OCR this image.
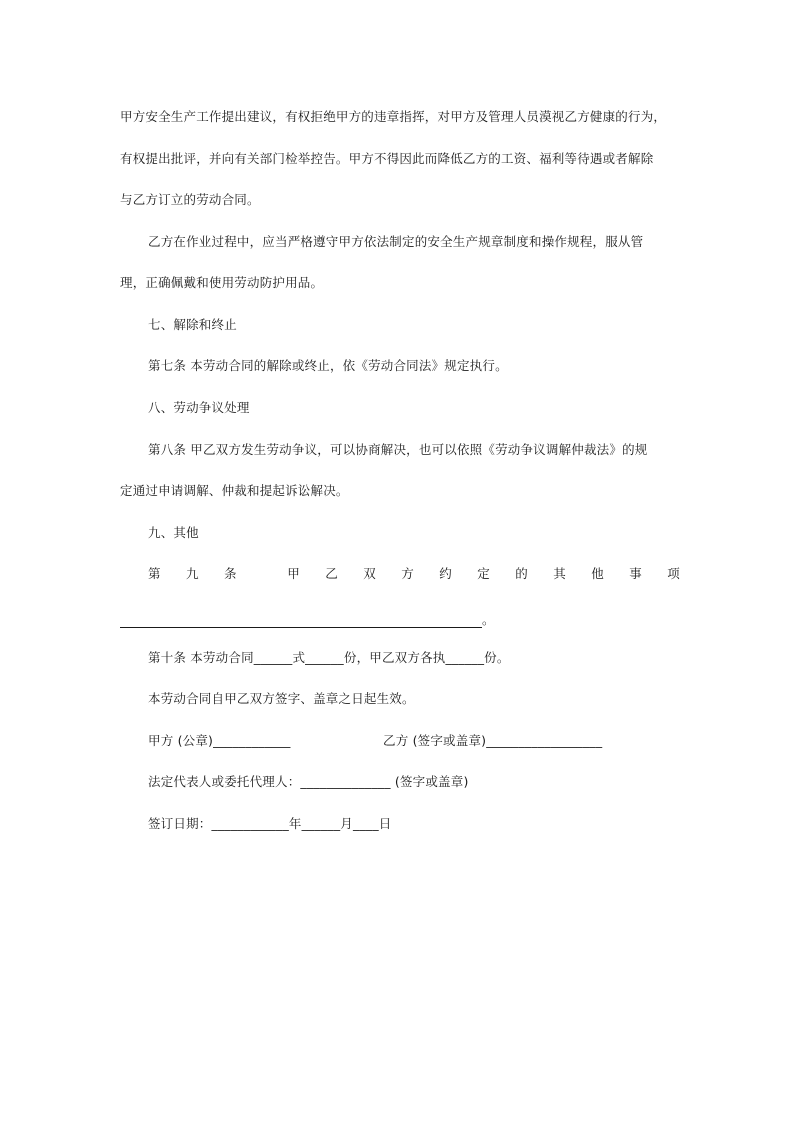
甲方安全生产工作提出建议，有权拒绝甲方的违章指挥，对甲方及管理人员漠视乙方健康的行为，
有权提出批评，并向有关部门检举控告。甲方不得因此而降低乙方的工资、福利等待遇或者解除
与乙方订立的劳动合同。
乙方在作业过程中，应当严格遵守甲方依法制定的安全生产规章制度和操作规程，服从管
理，正确佩戴和使用劳动防护用品。
七、解除和终止
第七条 本劳动合同的解除或终止，依《劳动合同法》规定执行。
八、劳动争议处理
第八条 甲乙双方发生劳动争议，可以协商解决，也可以依照《劳动争议调解仲裁法》的规
定通过申请调解、仲裁和提起诉讼解决。
九、其他
第 九 条	甲 乙 双 方 约 定 的 其 他 事 项
。
第十条 本劳动合同______式______份，甲乙双方各执______份。
本劳动合同自甲乙双方签字、盖章之日起生效。
甲方 (公章)____________	乙方 (签字或盖章)__________________
法定代表人或委托代理人：______________ (签字或盖章)
签订日期：____________年______月____日
